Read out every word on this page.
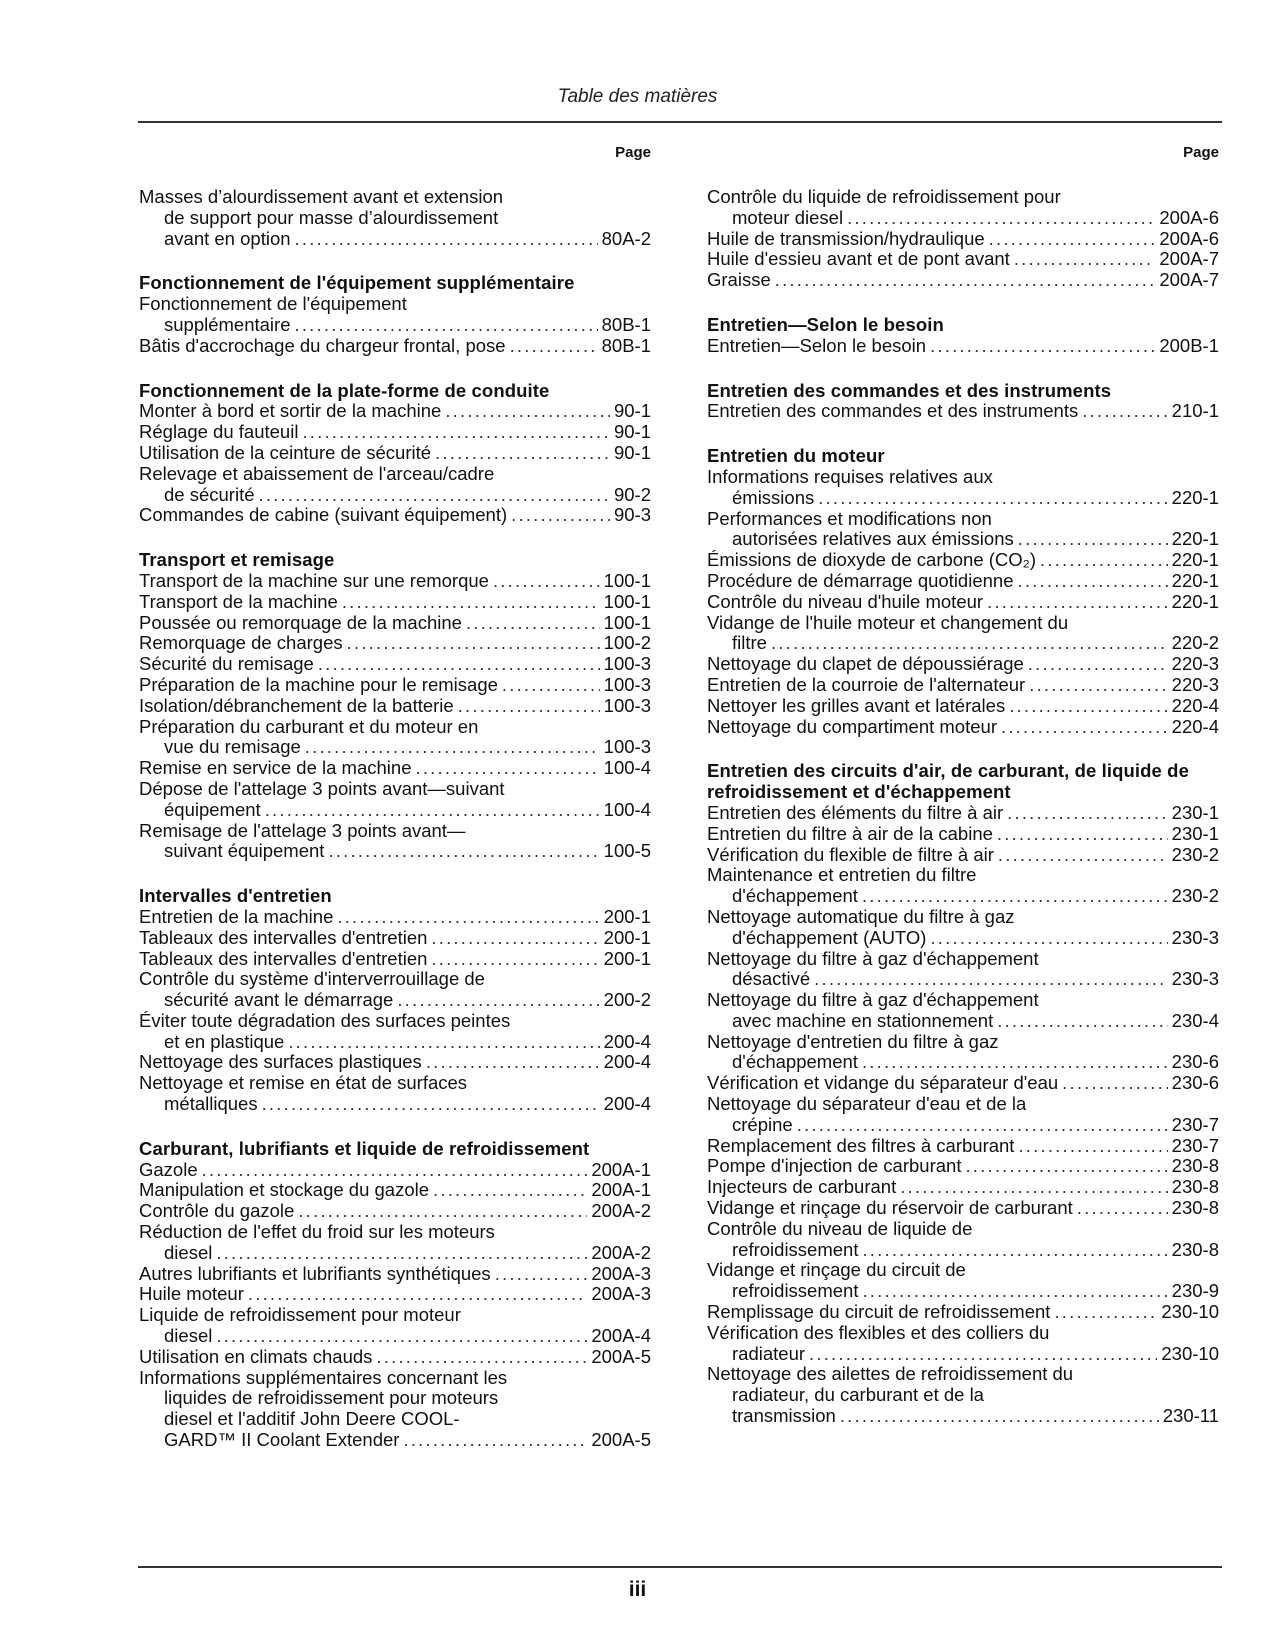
Table des matières
Page
Masses d’alourdissement avant et extension
de support pour masse d’alourdissement
avant en option .....	80A-2
Fonctionnement de l'équipement supplémentaire
Fonctionnement de l'équipement
supplémentaire .....	80B-1
Bâtis d'accrochage du chargeur frontal, pose .....	80B-1
Fonctionnement de la plate-forme de conduite
Monter à bord et sortir de la machine .....	90-1
Réglage du fauteuil .....	90-1
Utilisation de la ceinture de sécurité .....	90-1
Relevage et abaissement de l'arceau/cadre
de sécurité .....	90-2
Commandes de cabine (suivant équipement) .....	90-3
Transport et remisage
Transport de la machine sur une remorque .....	100-1
Transport de la machine .....	100-1
Poussée ou remorquage de la machine .....	100-1
Remorquage de charges .....	100-2
Sécurité du remisage .....	100-3
Préparation de la machine pour le remisage .....	100-3
Isolation/débranchement de la batterie .....	100-3
Préparation du carburant et du moteur en
vue du remisage .....	100-3
Remise en service de la machine .....	100-4
Dépose de l'attelage 3 points avant—suivant
équipement .....	100-4
Remisage de l'attelage 3 points avant—
suivant équipement .....	100-5
Intervalles d'entretien
Entretien de la machine .....	200-1
Tableaux des intervalles d'entretien .....	200-1
Tableaux des intervalles d'entretien .....	200-1
Contrôle du système d'interverrouillage de
sécurité avant le démarrage .....	200-2
Éviter toute dégradation des surfaces peintes
et en plastique .....	200-4
Nettoyage des surfaces plastiques .....	200-4
Nettoyage et remise en état de surfaces
métalliques .....	200-4
Carburant, lubrifiants et liquide de refroidissement
Gazole .....	200A-1
Manipulation et stockage du gazole .....	200A-1
Contrôle du gazole .....	200A-2
Réduction de l'effet du froid sur les moteurs
diesel .....	200A-2
Autres lubrifiants et lubrifiants synthétiques .....	200A-3
Huile moteur .....	200A-3
Liquide de refroidissement pour moteur
diesel .....	200A-4
Utilisation en climats chauds .....	200A-5
Informations supplémentaires concernant les
liquides de refroidissement pour moteurs
diesel et l'additif John Deere COOL-
GARD™ II Coolant Extender .....	200A-5
Page
Contrôle du liquide de refroidissement pour
moteur diesel .....	200A-6
Huile de transmission/hydraulique .....	200A-6
Huile d'essieu avant et de pont avant .....	200A-7
Graisse .....	200A-7
Entretien—Selon le besoin
Entretien—Selon le besoin .....	200B-1
Entretien des commandes et des instruments
Entretien des commandes et des instruments .....	210-1
Entretien du moteur
Informations requises relatives aux
émissions .....	220-1
Performances et modifications non
autorisées relatives aux émissions .....	220-1
Émissions de dioxyde de carbone (CO₂) .....	220-1
Procédure de démarrage quotidienne .....	220-1
Contrôle du niveau d'huile moteur .....	220-1
Vidange de l'huile moteur et changement du
filtre .....	220-2
Nettoyage du clapet de dépoussiérage .....	220-3
Entretien de la courroie de l'alternateur .....	220-3
Nettoyer les grilles avant et latérales .....	220-4
Nettoyage du compartiment moteur .....	220-4
Entretien des circuits d'air, de carburant, de liquide de refroidissement et d'échappement
Entretien des éléments du filtre à air .....	230-1
Entretien du filtre à air de la cabine .....	230-1
Vérification du flexible de filtre à air .....	230-2
Maintenance et entretien du filtre
d'échappement .....	230-2
Nettoyage automatique du filtre à gaz
d'échappement (AUTO) .....	230-3
Nettoyage du filtre à gaz d'échappement
désactivé .....	230-3
Nettoyage du filtre à gaz d'échappement
avec machine en stationnement .....	230-4
Nettoyage d'entretien du filtre à gaz
d'échappement .....	230-6
Vérification et vidange du séparateur d'eau .....	230-6
Nettoyage du séparateur d'eau et de la
crépine .....	230-7
Remplacement des filtres à carburant .....	230-7
Pompe d'injection de carburant .....	230-8
Injecteurs de carburant .....	230-8
Vidange et rinçage du réservoir de carburant .....	230-8
Contrôle du niveau de liquide de
refroidissement .....	230-8
Vidange et rinçage du circuit de
refroidissement .....	230-9
Remplissage du circuit de refroidissement .....	230-10
Vérification des flexibles et des colliers du
radiateur .....	230-10
Nettoyage des ailettes de refroidissement du
radiateur, du carburant et de la
transmission .....	230-11
iii
